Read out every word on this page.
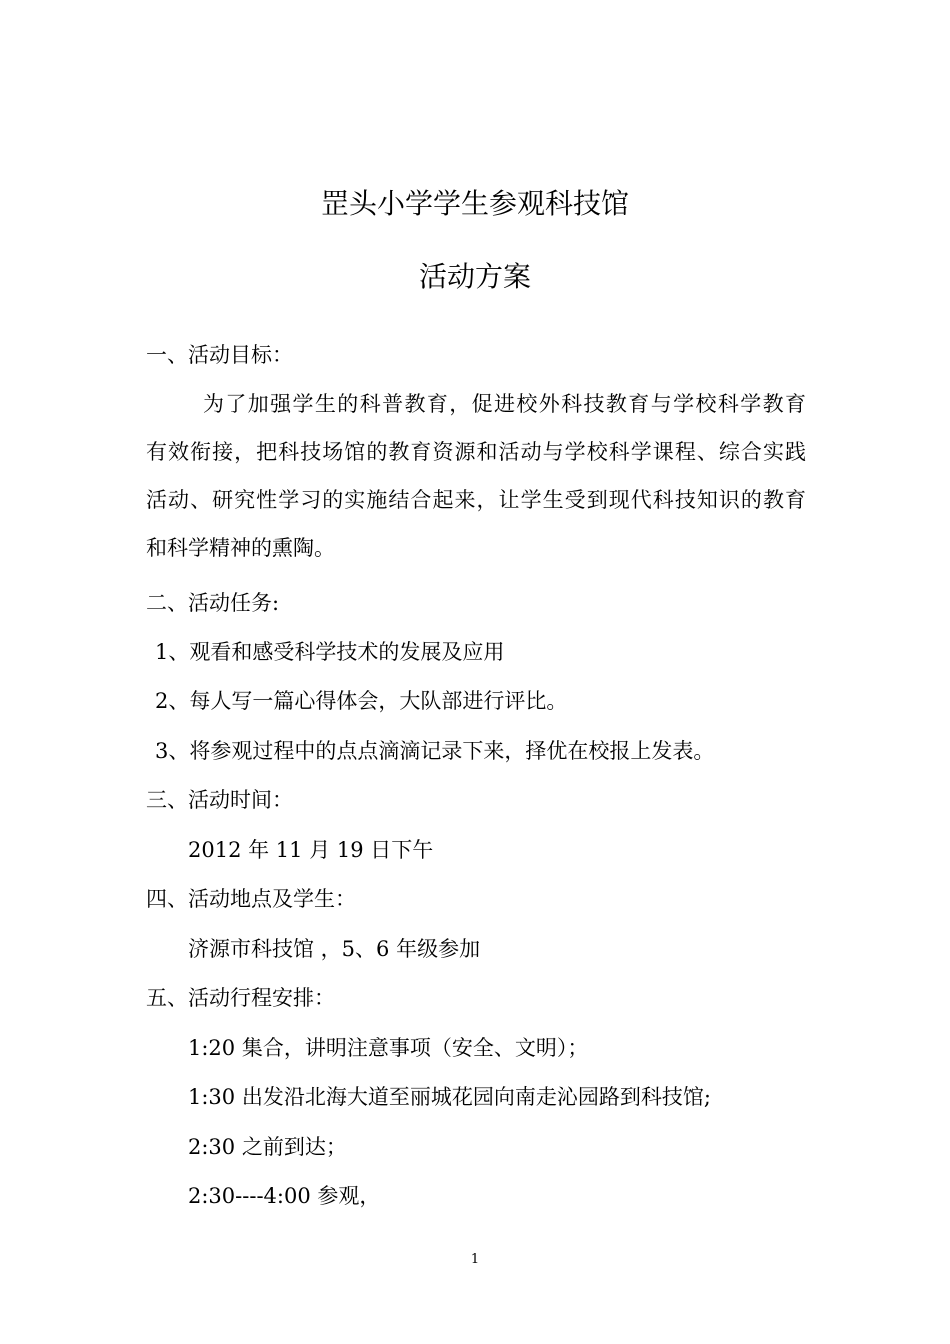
罡头小学学生参观科技馆
活动方案
一、活动目标：
为了加强学生的科普教育，促进校外科技教育与学校科学教育
有效衔接，把科技场馆的教育资源和活动与学校科学课程、综合实践
活动、研究性学习的实施结合起来，让学生受到现代科技知识的教育
和科学精神的熏陶。
二、活动任务:
1、观看和感受科学技术的发展及应用
2、每人写一篇心得体会，大队部进行评比。
3、将参观过程中的点点滴滴记录下来，择优在校报上发表。
三、活动时间：
2012 年 11 月 19 日下午
四、活动地点及学生：
济源市科技馆 ，5、6 年级参加
五、活动行程安排：
1:20 集合，讲明注意事项（安全、文明）；
1:30 出发沿北海大道至丽城花园向南走沁园路到科技馆;
2:30 之前到达；
2:30----4:00 参观，
1
